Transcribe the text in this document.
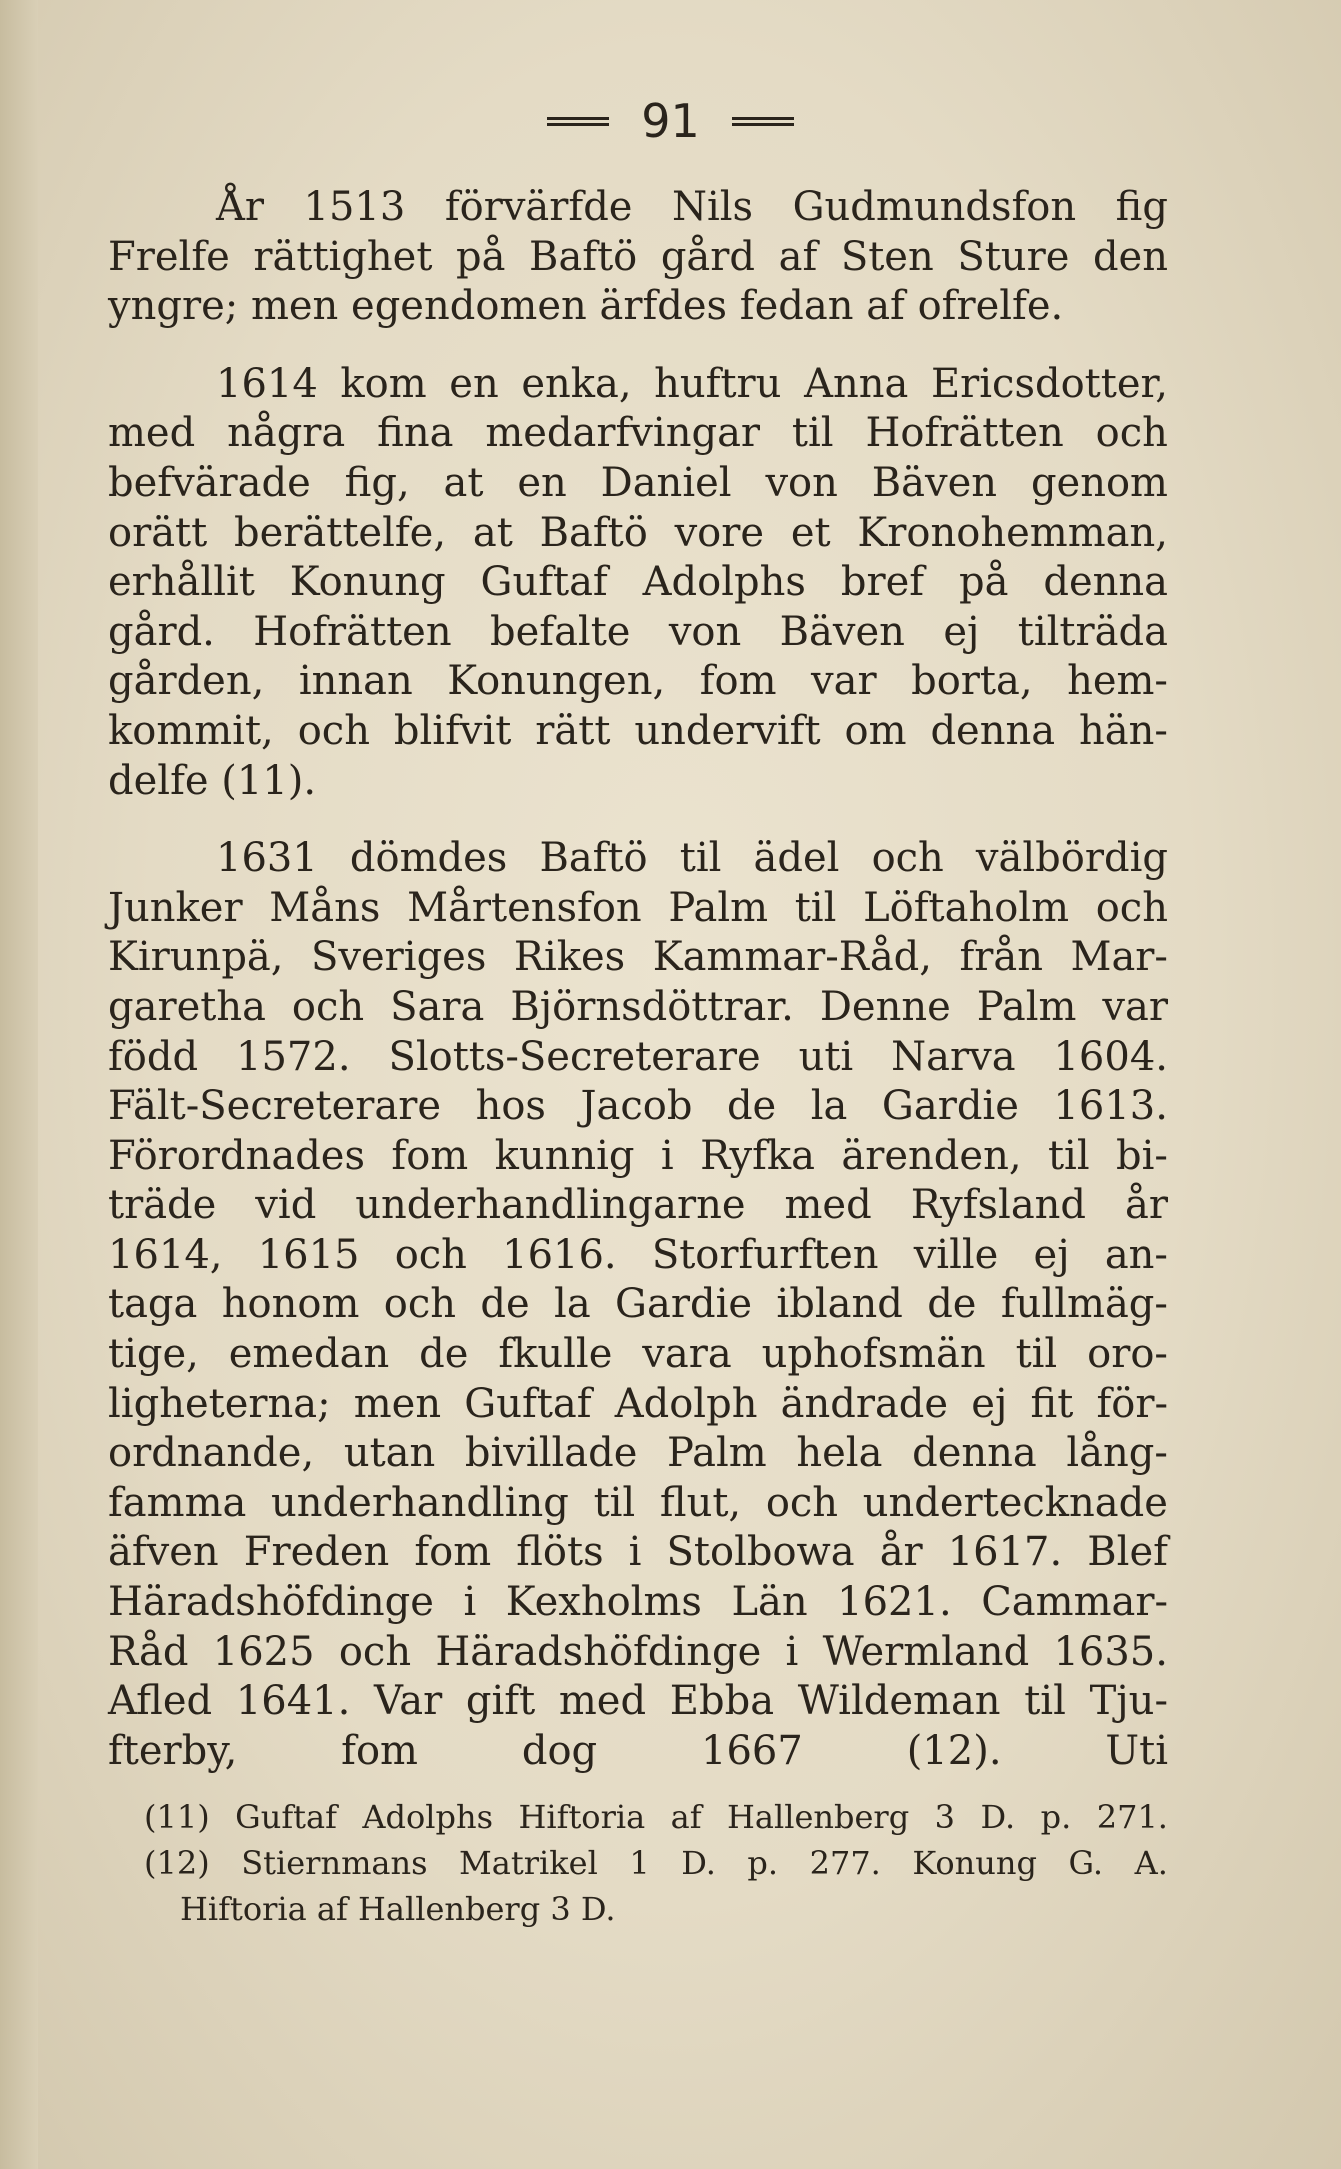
91
År 1513 förvärfde Nils Gudmundsfon fig
Frelfe rättighet på Baftö gård af Sten Sture den
yngre; men egendomen ärfdes fedan af ofrelfe.
1614 kom en enka, huftru Anna Ericsdotter,
med några fina medarfvingar til Hofrätten och
befvärade fig, at en Daniel von Bäven genom
orätt berättelfe, at Baftö vore et Kronohemman,
erhållit Konung Guftaf Adolphs bref på denna
gård. Hofrätten befalte von Bäven ej tilträda
gården, innan Konungen, fom var borta, hem-
kommit, och blifvit rätt undervift om denna hän-
delfe (11).
1631 dömdes Baftö til ädel och välbördig
Junker Måns Mårtensfon Palm til Löftaholm och
Kirunpä, Sveriges Rikes Kammar-Råd, från Mar-
garetha och Sara Björnsdöttrar. Denne Palm var
född 1572. Slotts-Secreterare uti Narva 1604.
Fält-Secreterare hos Jacob de la Gardie 1613.
Förordnades fom kunnig i Ryfka ärenden, til bi-
träde vid underhandlingarne med Ryfsland år
1614, 1615 och 1616. Storfurften ville ej an-
taga honom och de la Gardie ibland de fullmäg-
tige, emedan de fkulle vara uphofsmän til oro-
ligheterna; men Guftaf Adolph ändrade ej fit för-
ordnande, utan bivillade Palm hela denna lång-
famma underhandling til flut, och undertecknade
äfven Freden fom flöts i Stolbowa år 1617. Blef
Häradshöfdinge i Kexholms Län 1621. Cammar-
Råd 1625 och Häradshöfdinge i Wermland 1635.
Afled 1641. Var gift med Ebba Wildeman til Tju-
fterby,	fom	dog	1667	(12).	Uti
(11) Guftaf Adolphs Hiftoria af Hallenberg 3 D. p. 271.
(12) Stiernmans Matrikel 1 D. p. 277. Konung G. A.
Hiftoria af Hallenberg 3 D.
